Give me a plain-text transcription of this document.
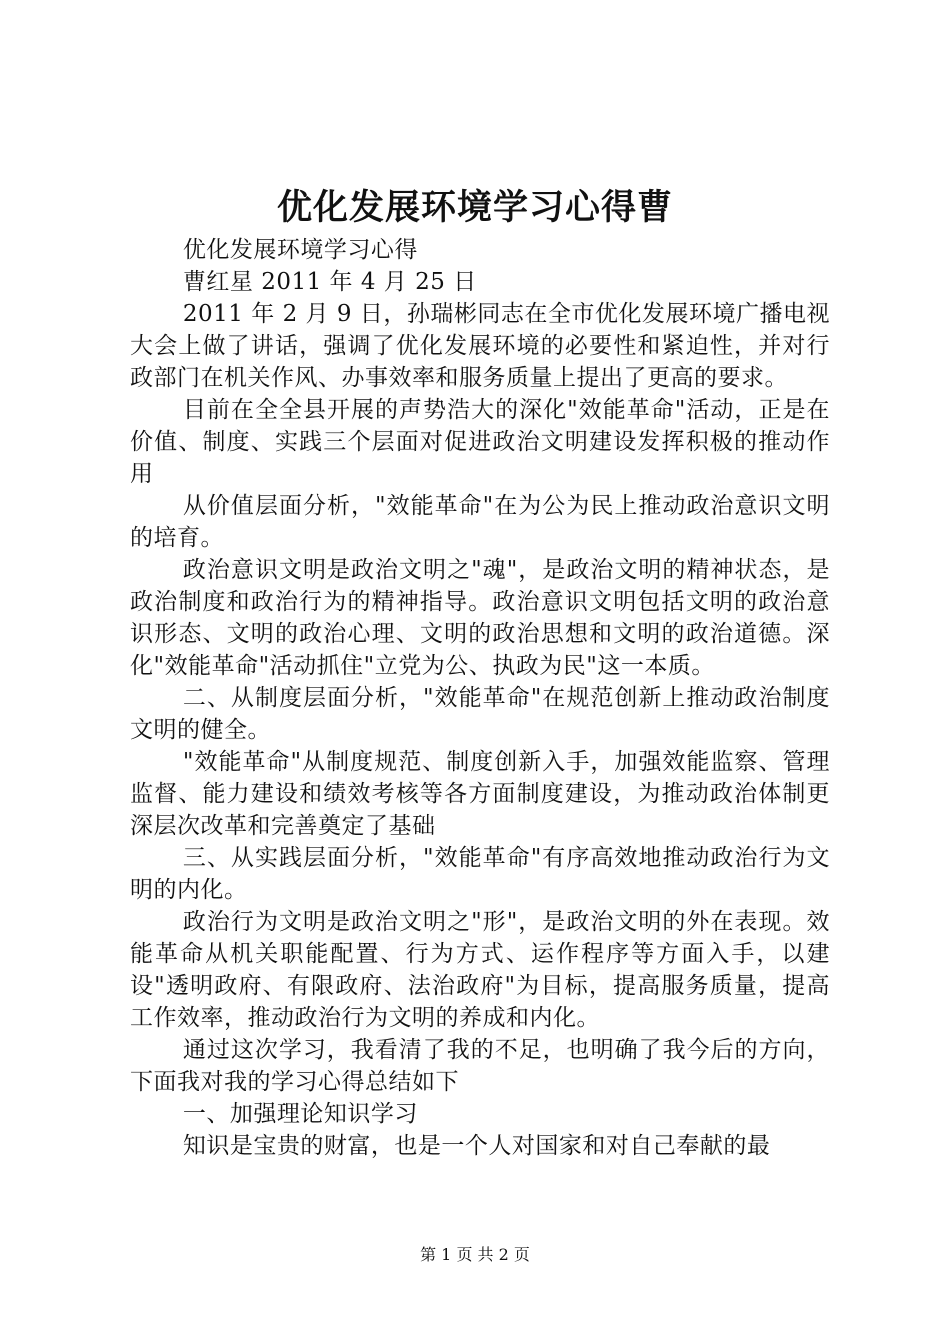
优化发展环境学习心得曹

优化发展环境学习心得

曹红星 2011 年 4 月 25 日

2011 年 2 月 9 日，孙瑞彬同志在全市优化发展环境广播电视大会上做了讲话，强调了优化发展环境的必要性和紧迫性，并对行政部门在机关作风、办事效率和服务质量上提出了更高的要求。

目前在全全县开展的声势浩大的深化"效能革命"活动，正是在价值、制度、实践三个层面对促进政治文明建设发挥积极的推动作用

从价值层面分析，"效能革命"在为公为民上推动政治意识文明的培育。

政治意识文明是政治文明之"魂"，是政治文明的精神状态，是政治制度和政治行为的精神指导。政治意识文明包括文明的政治意识形态、文明的政治心理、文明的政治思想和文明的政治道德。深化"效能革命"活动抓住"立党为公、执政为民"这一本质。

二、从制度层面分析，"效能革命"在规范创新上推动政治制度文明的健全。

"效能革命"从制度规范、制度创新入手，加强效能监察、管理监督、能力建设和绩效考核等各方面制度建设，为推动政治体制更深层次改革和完善奠定了基础

三、从实践层面分析，"效能革命"有序高效地推动政治行为文明的内化。

政治行为文明是政治文明之"形"，是政治文明的外在表现。效能革命从机关职能配置、行为方式、运作程序等方面入手，以建设"透明政府、有限政府、法治政府"为目标，提高服务质量，提高工作效率，推动政治行为文明的养成和内化。

通过这次学习，我看清了我的不足，也明确了我今后的方向，下面我对我的学习心得总结如下

一、加强理论知识学习

知识是宝贵的财富，也是一个人对国家和对自己奉献的最

第 1 页 共 2 页
